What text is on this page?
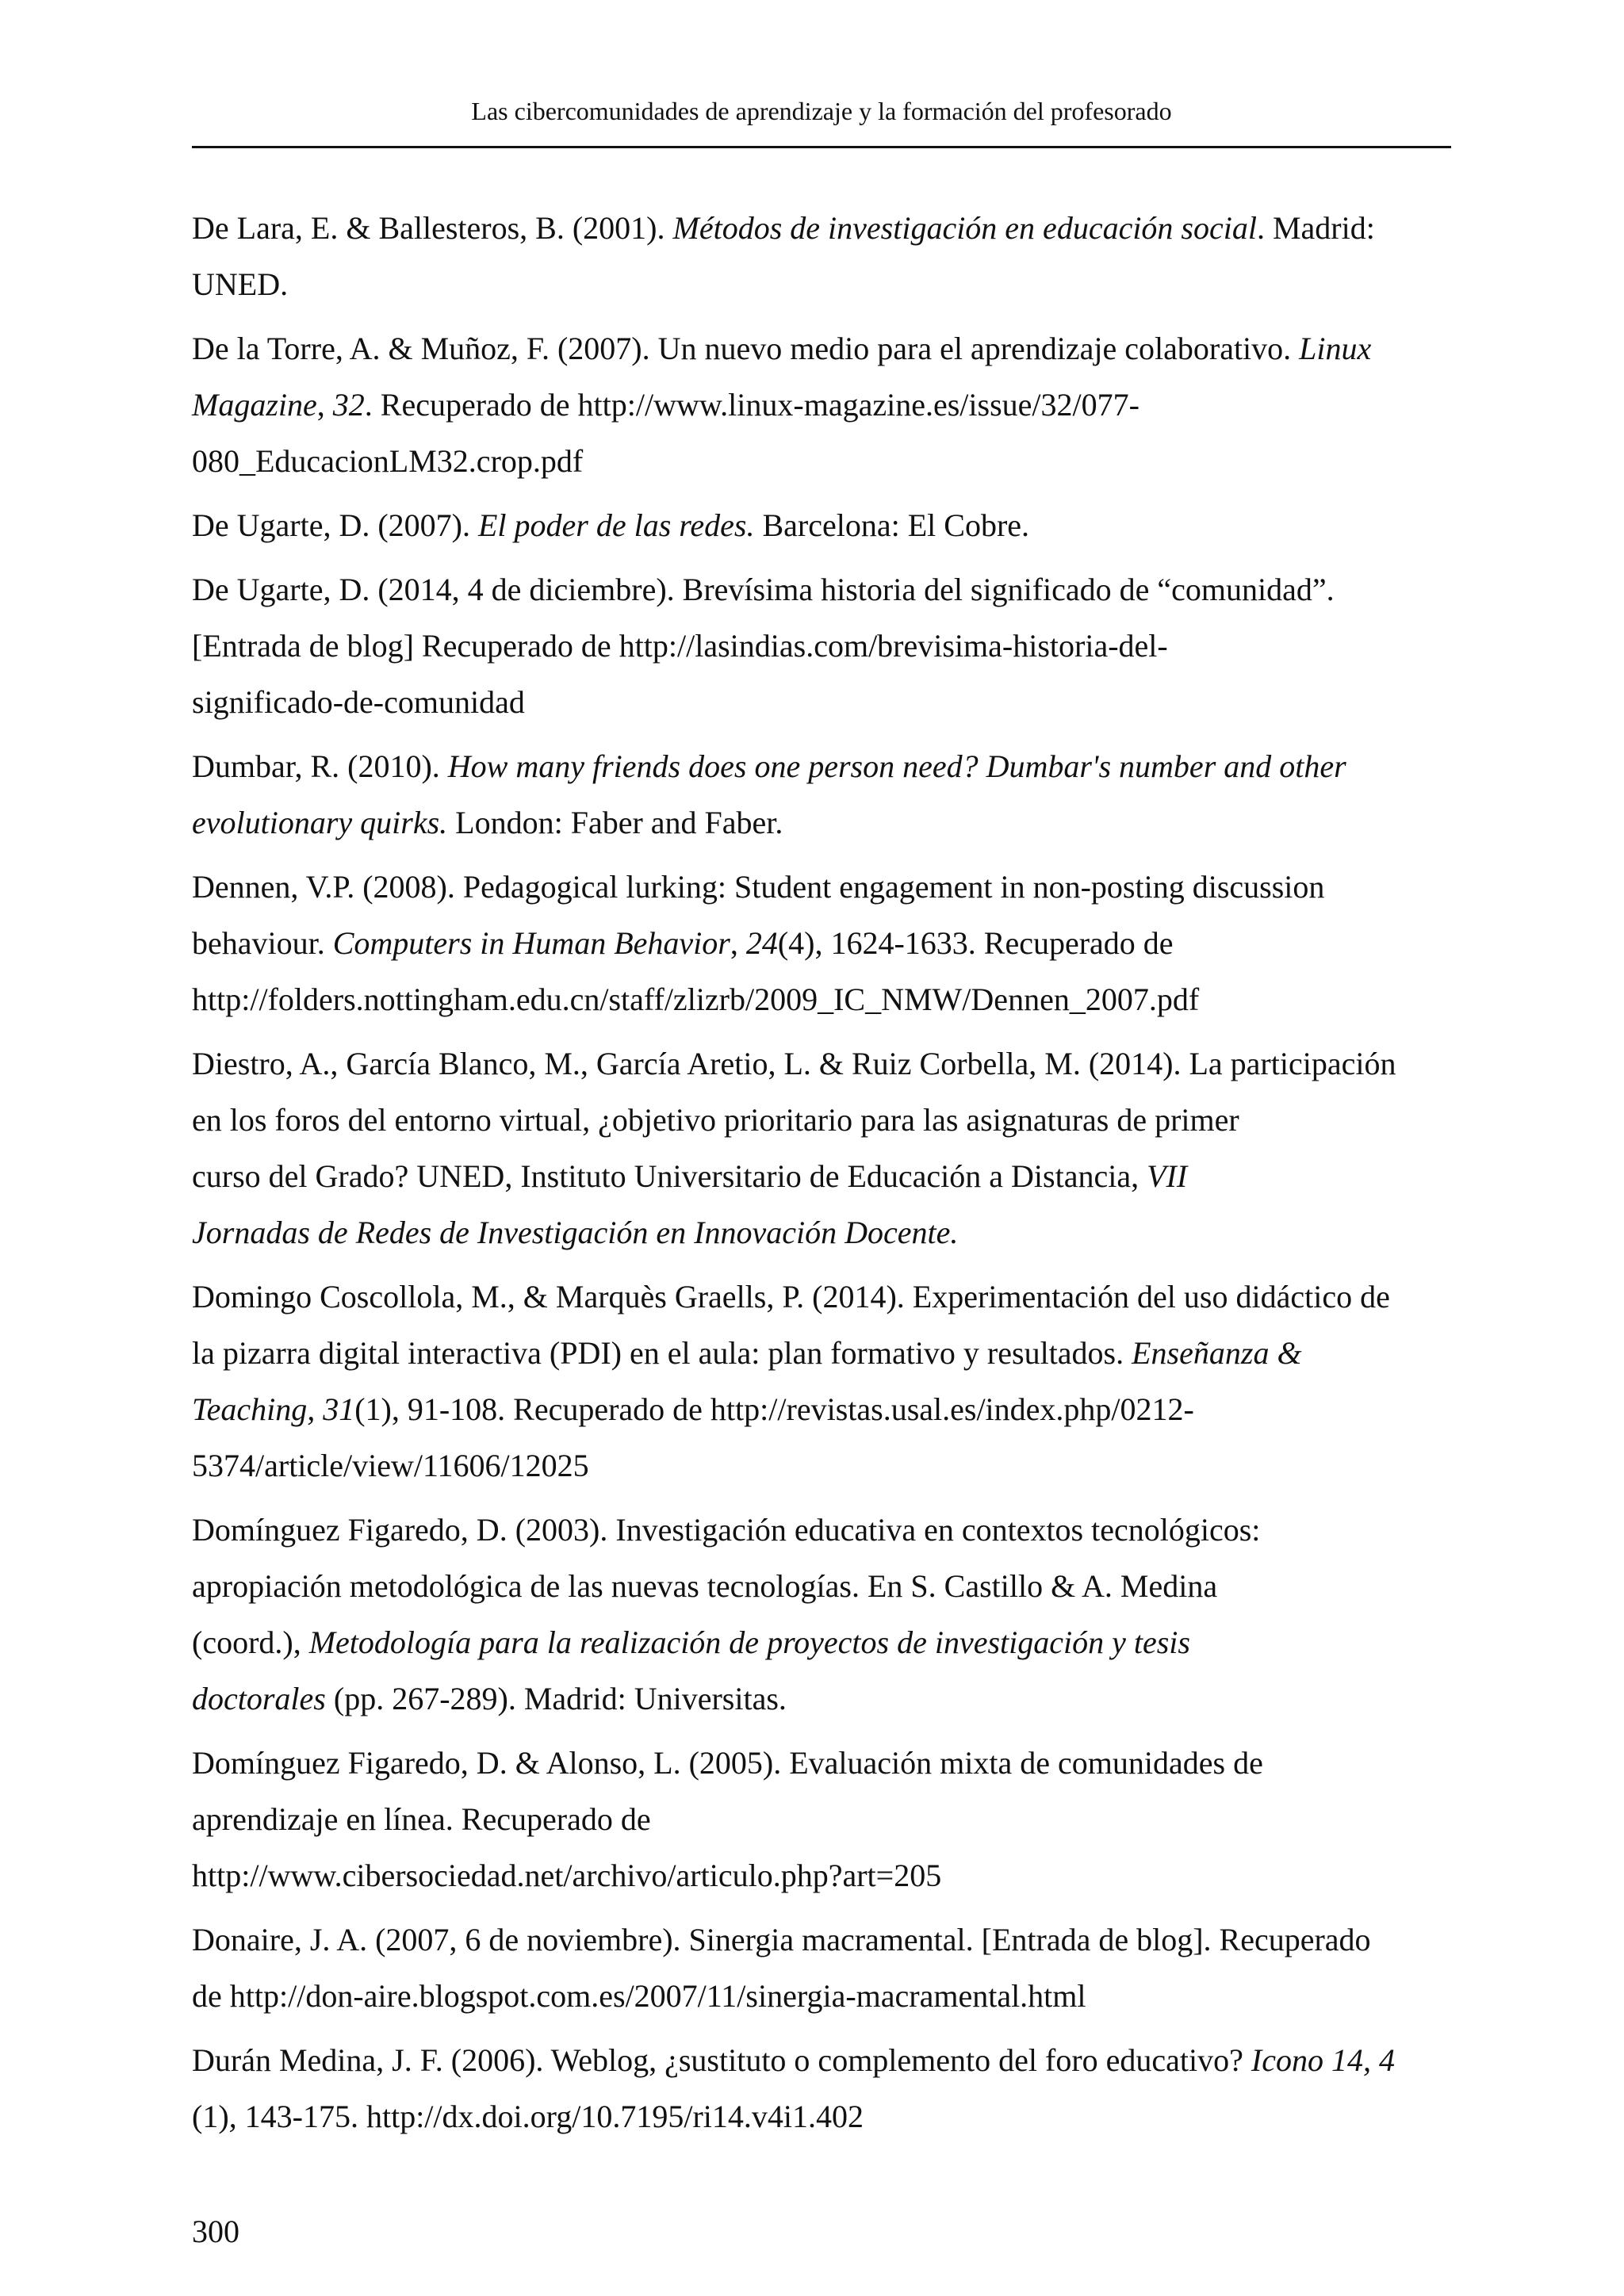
Las cibercomunidades de aprendizaje y la formación del profesorado
De Lara, E. & Ballesteros, B. (2001). Métodos de investigación en educación social. Madrid:
UNED.
De la Torre, A. & Muñoz, F. (2007). Un nuevo medio para el aprendizaje colaborativo. Linux
Magazine, 32. Recuperado de http://www.linux-magazine.es/issue/32/077-
080_EducacionLM32.crop.pdf
De Ugarte, D. (2007). El poder de las redes. Barcelona: El Cobre.
De Ugarte, D. (2014, 4 de diciembre). Brevísima historia del significado de “comunidad”.
[Entrada de blog] Recuperado de http://lasindias.com/brevisima-historia-del-
significado-de-comunidad
Dumbar, R. (2010). How many friends does one person need? Dumbar's number and other
evolutionary quirks. London: Faber and Faber.
Dennen, V.P. (2008). Pedagogical lurking: Student engagement in non-posting discussion
behaviour. Computers in Human Behavior, 24(4), 1624-1633. Recuperado de
http://folders.nottingham.edu.cn/staff/zlizrb/2009_IC_NMW/Dennen_2007.pdf
Diestro, A., García Blanco, M., García Aretio, L. & Ruiz Corbella, M. (2014). La participación
en los foros del entorno virtual, ¿objetivo prioritario para las asignaturas de primer
curso del Grado? UNED, Instituto Universitario de Educación a Distancia, VII
Jornadas de Redes de Investigación en Innovación Docente.
Domingo Coscollola, M., & Marquès Graells, P. (2014). Experimentación del uso didáctico de
la pizarra digital interactiva (PDI) en el aula: plan formativo y resultados. Enseñanza &
Teaching, 31(1), 91-108. Recuperado de http://revistas.usal.es/index.php/0212-
5374/article/view/11606/12025
Domínguez Figaredo, D. (2003). Investigación educativa en contextos tecnológicos:
apropiación metodológica de las nuevas tecnologías. En S. Castillo & A. Medina
(coord.), Metodología para la realización de proyectos de investigación y tesis
doctorales (pp. 267-289). Madrid: Universitas.
Domínguez Figaredo, D. & Alonso, L. (2005). Evaluación mixta de comunidades de
aprendizaje en línea. Recuperado de
http://www.cibersociedad.net/archivo/articulo.php?art=205
Donaire, J. A. (2007, 6 de noviembre). Sinergia macramental. [Entrada de blog]. Recuperado
de http://don-aire.blogspot.com.es/2007/11/sinergia-macramental.html
Durán Medina, J. F. (2006). Weblog, ¿sustituto o complemento del foro educativo? Icono 14, 4
(1), 143-175. http://dx.doi.org/10.7195/ri14.v4i1.402
300
